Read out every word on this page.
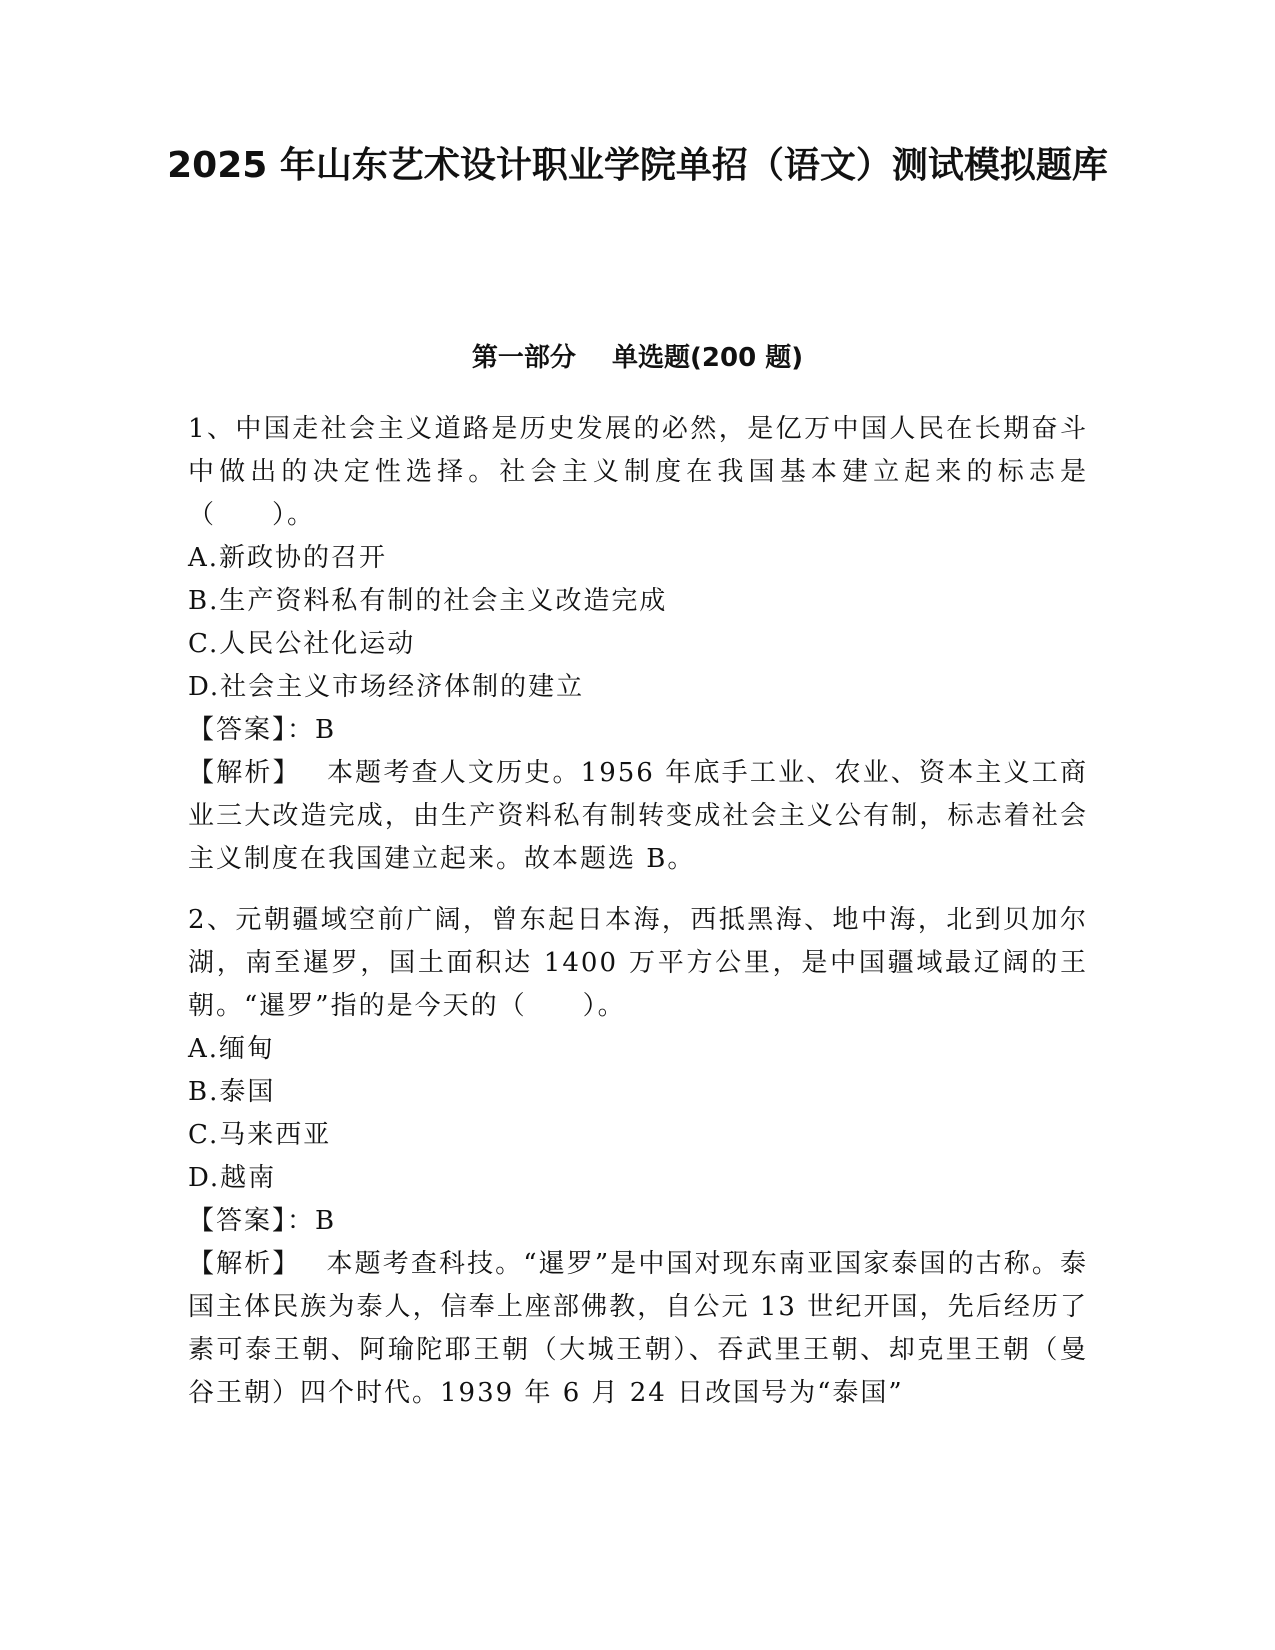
2025 年山东艺术设计职业学院单招（语文）测试模拟题库
第一部分    单选题(200 题)

1、中国走社会主义道路是历史发展的必然，是亿万中国人民在长期奋斗中做出的决定性选择。社会主义制度在我国基本建立起来的标志是（　　）。

A.新政协的召开
B.生产资料私有制的社会主义改造完成
C.人民公社化运动
D.社会主义市场经济体制的建立

【答案】：B

【解析】 本题考查人文历史。1956 年底手工业、农业、资本主义工商业三大改造完成，由生产资料私有制转变成社会主义公有制，标志着社会主义制度在我国建立起来。故本题选 B。

2、元朝疆域空前广阔，曾东起日本海，西抵黑海、地中海，北到贝加尔湖，南至暹罗，国土面积达 1400 万平方公里，是中国疆域最辽阔的王朝。“暹罗”指的是今天的（　　）。

A.缅甸
B.泰国
C.马来西亚
D.越南

【答案】：B

【解析】 本题考查科技。“暹罗”是中国对现东南亚国家泰国的古称。泰国主体民族为泰人，信奉上座部佛教，自公元 13 世纪开国，先后经历了素可泰王朝、阿瑜陀耶王朝（大城王朝）、吞武里王朝、却克里王朝（曼谷王朝）四个时代。1939 年 6 月 24 日改国号为“泰国”
